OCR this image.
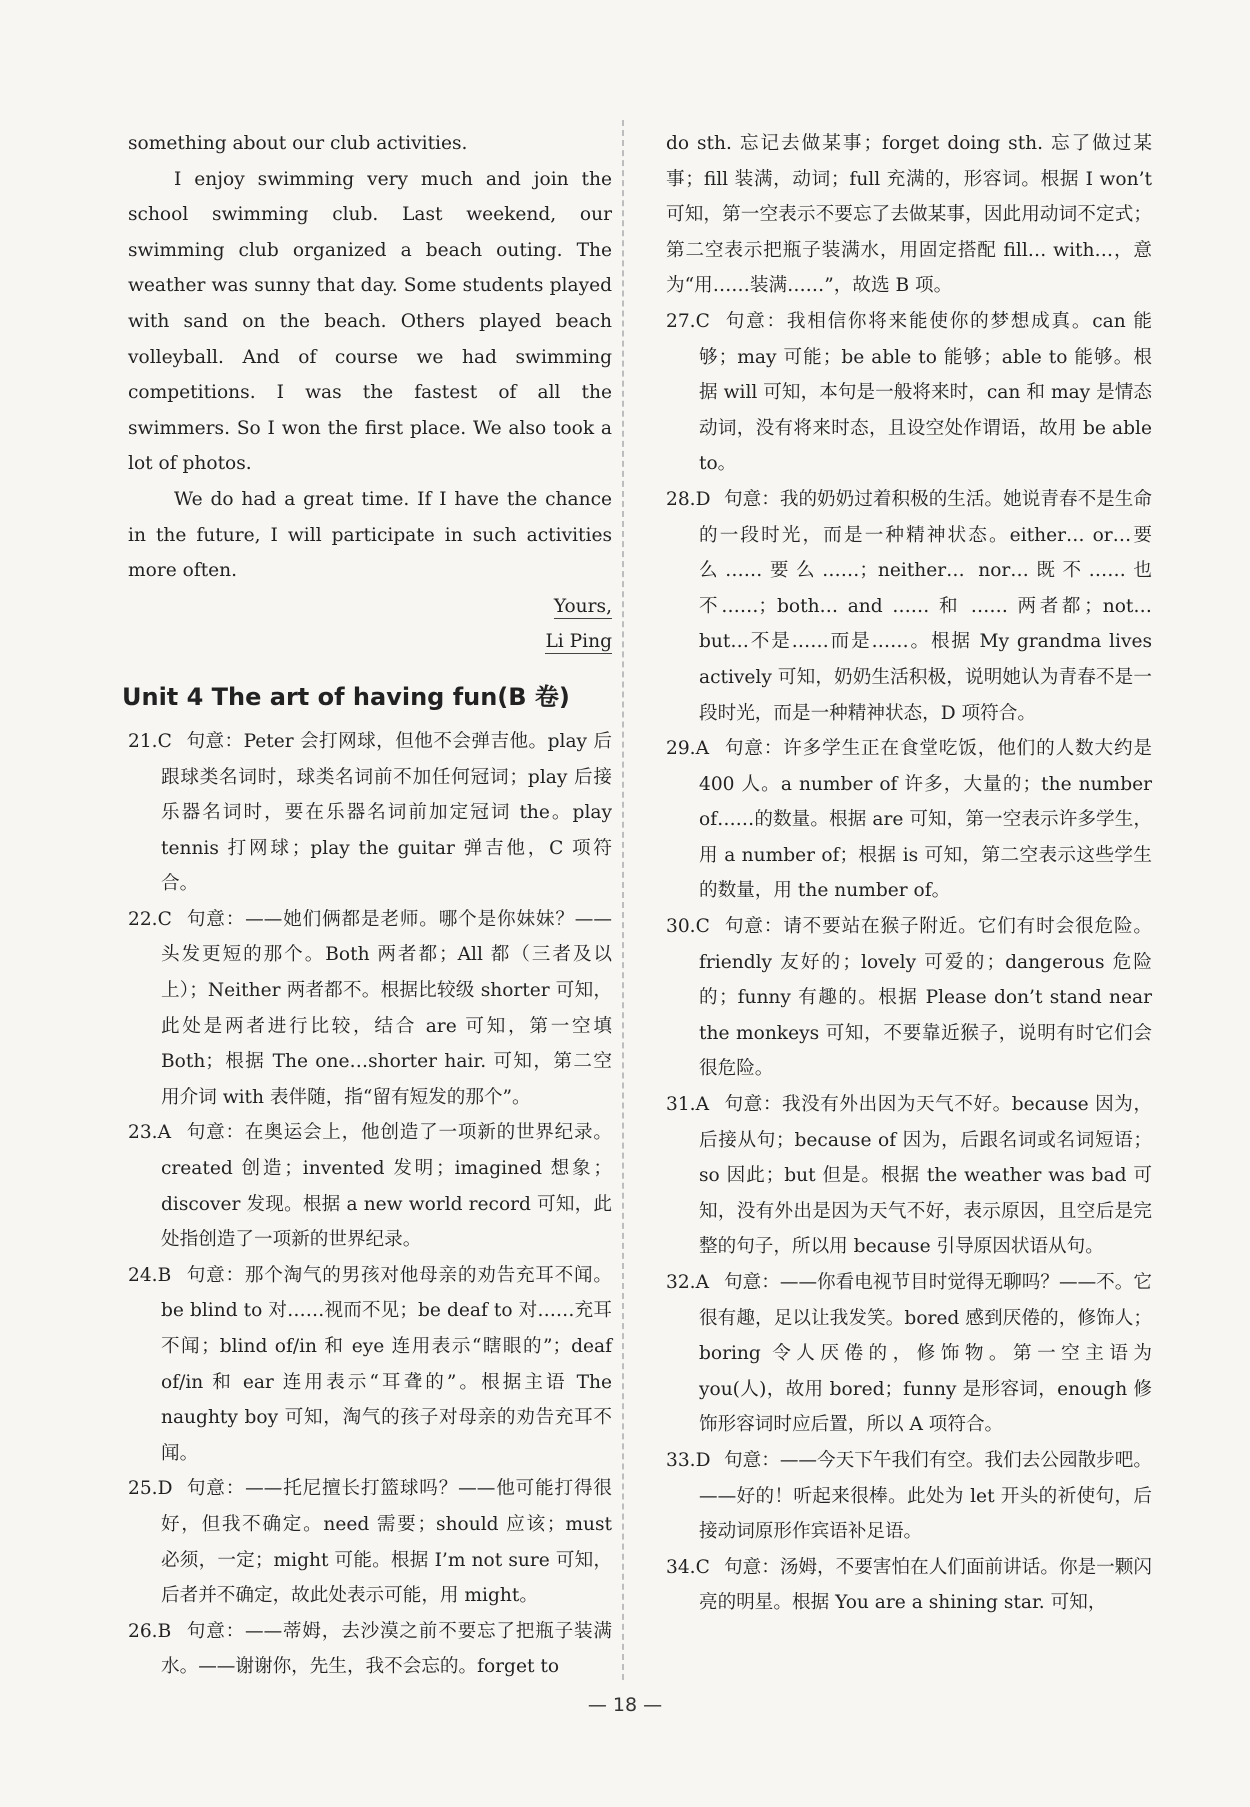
something about our club activities.

I enjoy swimming very much and join the school swimming club. Last weekend, our swimming club organized a beach outing. The weather was sunny that day. Some students played with sand on the beach. Others played beach volleyball. And of course we had swimming competitions. I was the fastest of all the swimmers. So I won the first place. We also took a lot of photos.

We do had a great time. If I have the chance in the future, I will participate in such activities more often.

Yours,

Li Ping

Unit 4 The art of having fun(B 卷)

21.C 句意：Peter 会打网球，但他不会弹吉他。play 后跟球类名词时，球类名词前不加任何冠词；play 后接乐器名词时，要在乐器名词前加定冠词 the。play tennis 打网球；play the guitar 弹吉他，C 项符合。

22.C 句意：——她们俩都是老师。哪个是你妹妹？——头发更短的那个。Both 两者都；All 都（三者及以上）；Neither 两者都不。根据比较级 shorter 可知，此处是两者进行比较，结合 are 可知，第一空填 Both；根据 The one…shorter hair. 可知，第二空用介词 with 表伴随，指“留有短发的那个”。

23.A 句意：在奥运会上，他创造了一项新的世界纪录。created 创造；invented 发明；imagined 想象；discover 发现。根据 a new world record 可知，此处指创造了一项新的世界纪录。

24.B 句意：那个淘气的男孩对他母亲的劝告充耳不闻。be blind to 对……视而不见；be deaf to 对……充耳不闻；blind of/in 和 eye 连用表示“瞎眼的”；deaf of/in 和 ear 连用表示“耳聋的”。根据主语 The naughty boy 可知，淘气的孩子对母亲的劝告充耳不闻。

25.D 句意：——托尼擅长打篮球吗？——他可能打得很好，但我不确定。need 需要；should 应该；must 必须，一定；might 可能。根据 I’m not sure 可知，后者并不确定，故此处表示可能，用 might。

26.B 句意：——蒂姆，去沙漠之前不要忘了把瓶子装满水。——谢谢你，先生，我不会忘的。forget to

do sth. 忘记去做某事；forget doing sth. 忘了做过某事；fill 装满，动词；full 充满的，形容词。根据 I won’t 可知，第一空表示不要忘了去做某事，因此用动词不定式；第二空表示把瓶子装满水，用固定搭配 fill… with…，意为“用……装满……”，故选 B 项。

27.C 句意：我相信你将来能使你的梦想成真。can 能够；may 可能；be able to 能够；able to 能够。根据 will 可知，本句是一般将来时，can 和 may 是情态动词，没有将来时态，且设空处作谓语，故用 be able to。

28.D 句意：我的奶奶过着积极的生活。她说青春不是生命的一段时光，而是一种精神状态。either… or…要么……要么……；neither… nor…既不……也不……；both… and …… 和 …… 两者都；not… but…不是……而是……。根据 My grandma lives actively 可知，奶奶生活积极，说明她认为青春不是一段时光，而是一种精神状态，D 项符合。

29.A 句意：许多学生正在食堂吃饭，他们的人数大约是 400 人。a number of 许多，大量的；the number of……的数量。根据 are 可知，第一空表示许多学生，用 a number of；根据 is 可知，第二空表示这些学生的数量，用 the number of。

30.C 句意：请不要站在猴子附近。它们有时会很危险。friendly 友好的；lovely 可爱的；dangerous 危险的；funny 有趣的。根据 Please don’t stand near the monkeys 可知，不要靠近猴子，说明有时它们会很危险。

31.A 句意：我没有外出因为天气不好。because 因为，后接从句；because of 因为，后跟名词或名词短语；so 因此；but 但是。根据 the weather was bad 可知，没有外出是因为天气不好，表示原因，且空后是完整的句子，所以用 because 引导原因状语从句。

32.A 句意：——你看电视节目时觉得无聊吗？——不。它很有趣，足以让我发笑。bored 感到厌倦的，修饰人；boring 令人厌倦的，修饰物。第一空主语为 you(人)，故用 bored；funny 是形容词，enough 修饰形容词时应后置，所以 A 项符合。

33.D 句意：——今天下午我们有空。我们去公园散步吧。——好的！听起来很棒。此处为 let 开头的祈使句，后接动词原形作宾语补足语。

34.C 句意：汤姆，不要害怕在人们面前讲话。你是一颗闪亮的明星。根据 You are a shining star. 可知，

— 18 —
